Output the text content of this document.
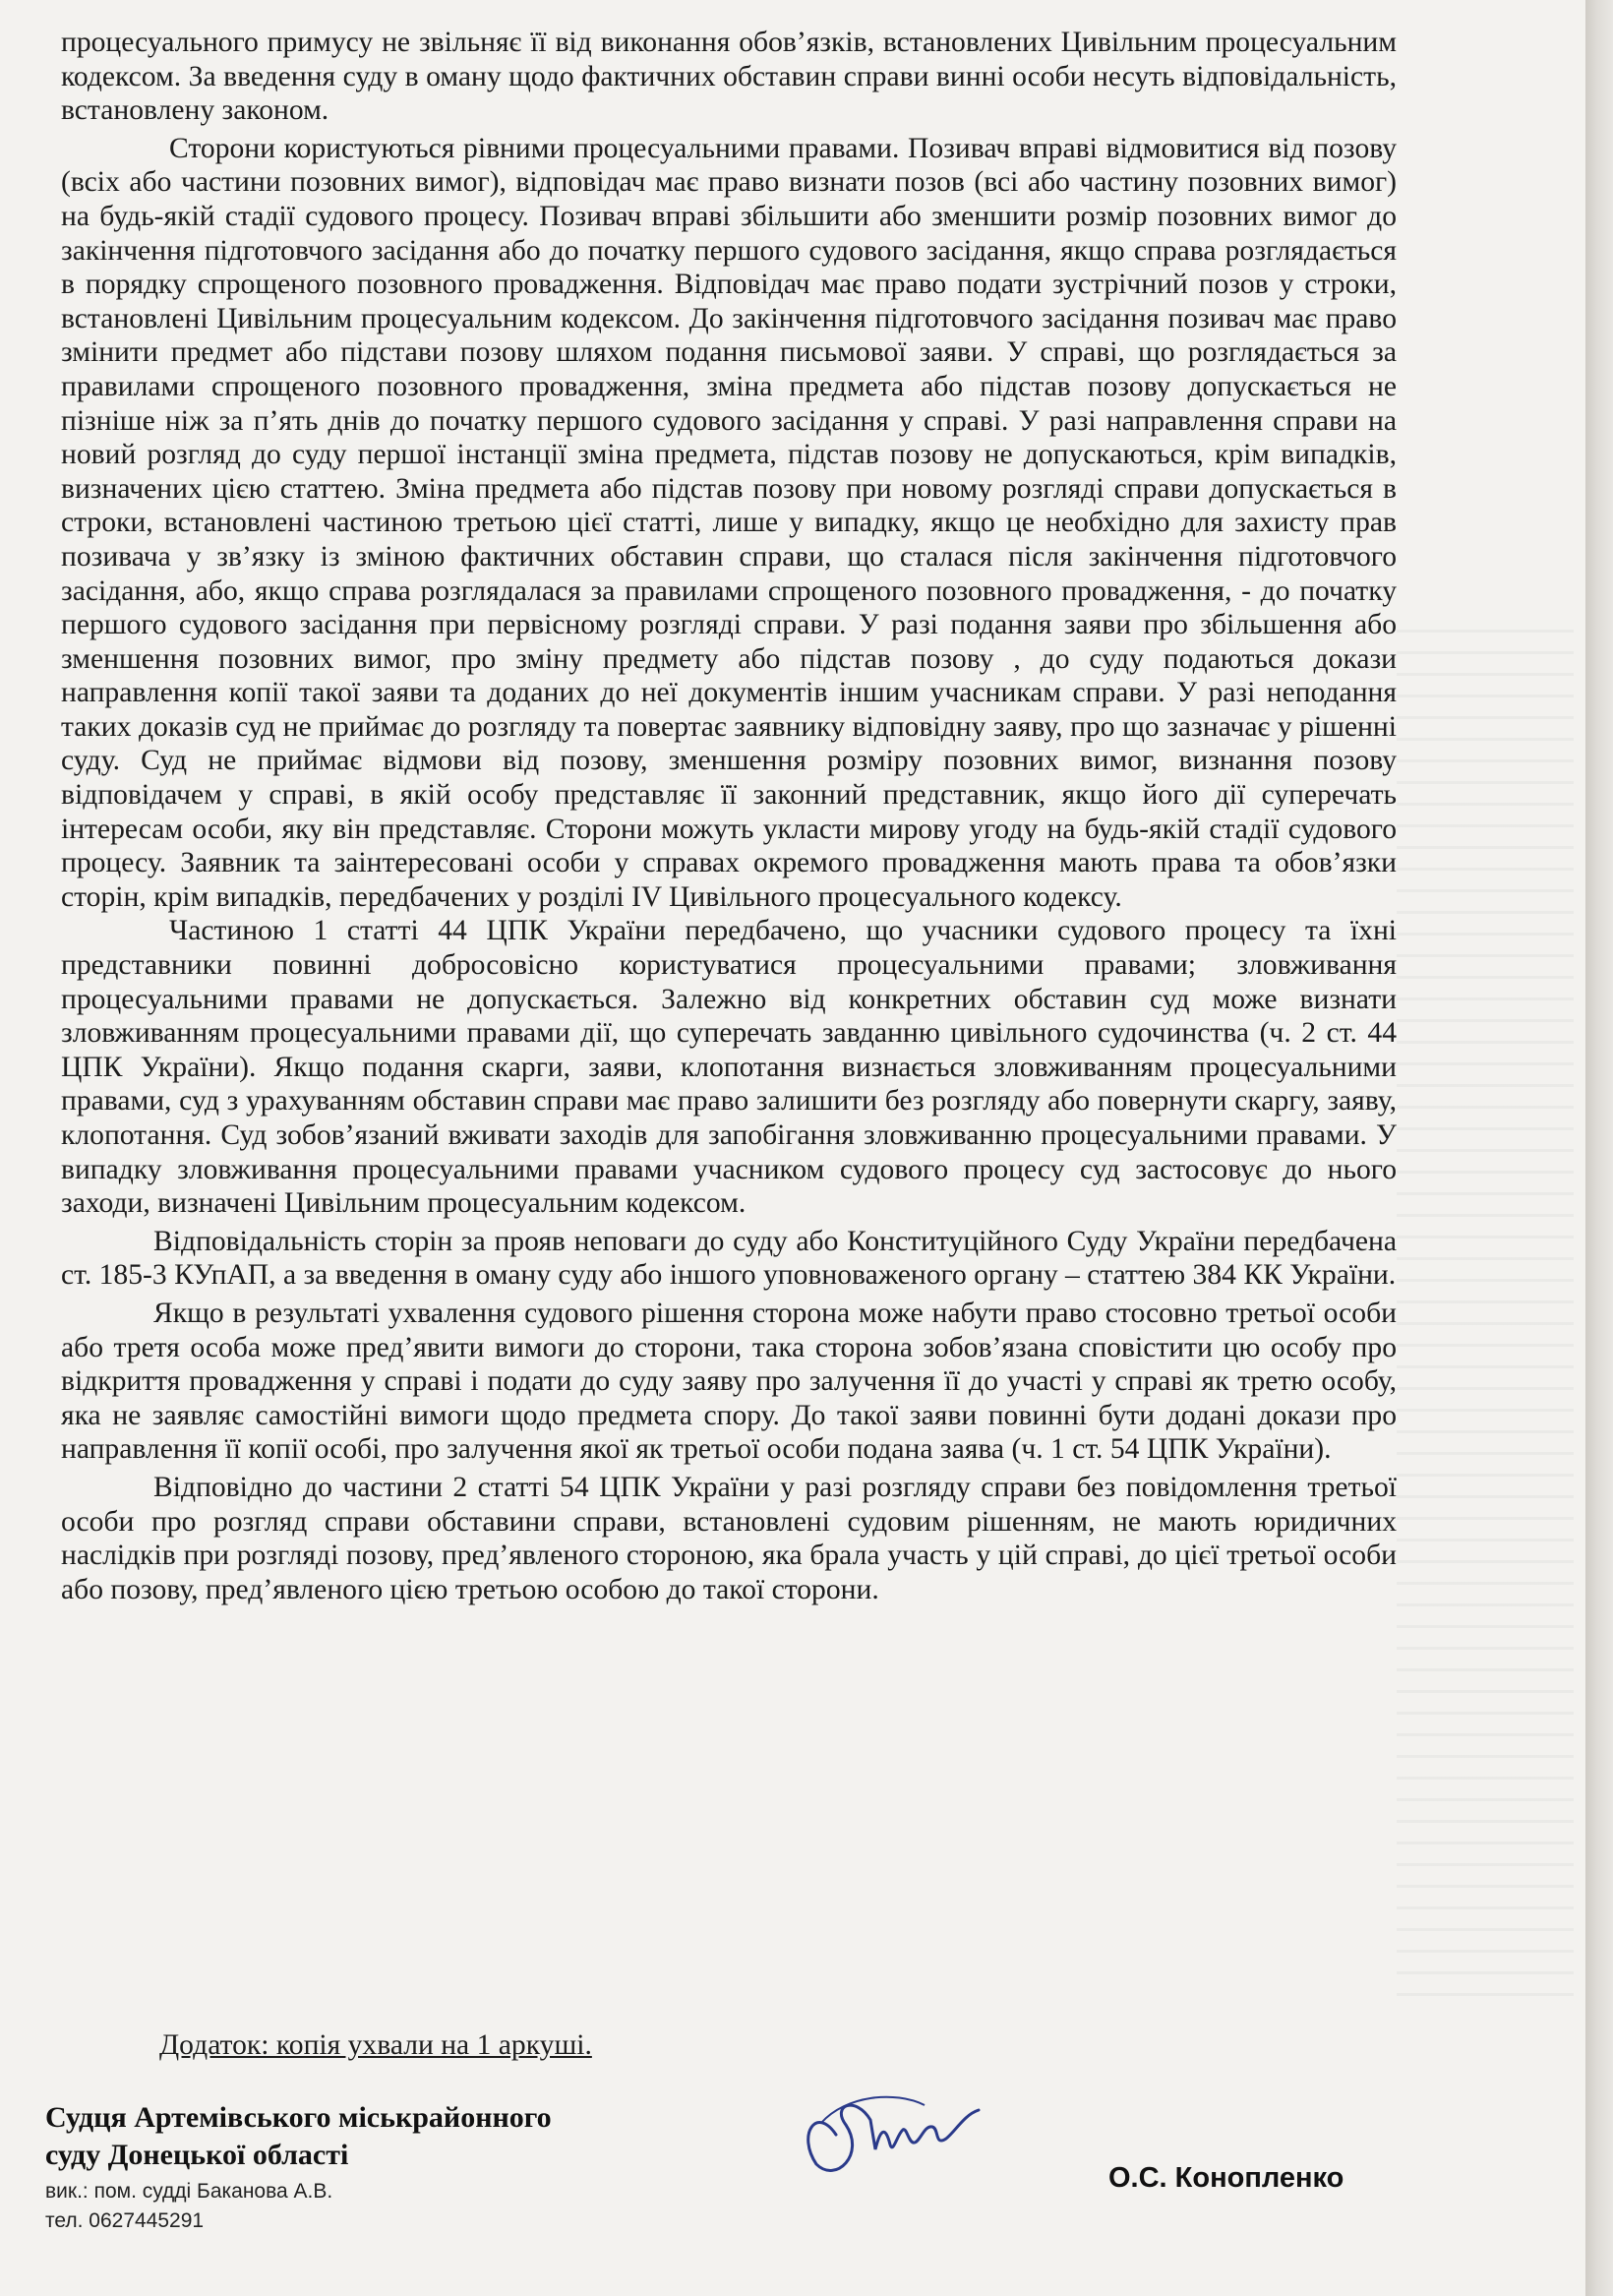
процесуального примусу не звільняє її від виконання обов’язків, встановлених Цивільним процесуальним кодексом. За введення суду в оману щодо фактичних обставин справи винні особи несуть відповідальність, встановлену законом.

Сторони користуються рівними процесуальними правами. Позивач вправі відмовитися від позову (всіх або частини позовних вимог), відповідач має право визнати позов (всі або частину позовних вимог) на будь-якій стадії судового процесу. Позивач вправі збільшити або зменшити розмір позовних вимог до закінчення підготовчого засідання або до початку першого судового засідання, якщо справа розглядається в порядку спрощеного позовного провадження. Відповідач має право подати зустрічний позов у строки, встановлені Цивільним процесуальним кодексом. До закінчення підготовчого засідання позивач має право змінити предмет або підстави позову шляхом подання письмової заяви. У справі, що розглядається за правилами спрощеного позовного провадження, зміна предмета або підстав позову допускається не пізніше ніж за п’ять днів до початку першого судового засідання у справі. У разі направлення справи на новий розгляд до суду першої інстанції зміна предмета, підстав позову не допускаються, крім випадків, визначених цією статтею. Зміна предмета або підстав позову при новому розгляді справи допускається в строки, встановлені частиною третьою цієї статті, лише у випадку, якщо це необхідно для захисту прав позивача у зв’язку із зміною фактичних обставин справи, що сталася після закінчення підготовчого засідання, або, якщо справа розглядалася за правилами спрощеного позовного провадження, - до початку першого судового засідання при первісному розгляді справи. У разі подання заяви про збільшення або зменшення позовних вимог, про зміну предмету або підстав позову , до суду подаються докази направлення копії такої заяви та доданих до неї документів іншим учасникам справи. У разі неподання таких доказів суд не приймає до розгляду та повертає заявнику відповідну заяву, про що зазначає у рішенні суду. Суд не приймає відмови від позову, зменшення розміру позовних вимог, визнання позову відповідачем у справі, в якій особу представляє її законний представник, якщо його дії суперечать інтересам особи, яку він представляє. Сторони можуть укласти мирову угоду на будь-якій стадії судового процесу. Заявник та заінтересовані особи у справах окремого провадження мають права та обов’язки сторін, крім випадків, передбачених у розділі IV Цивільного процесуального кодексу.

Частиною 1 статті 44 ЦПК України передбачено, що учасники судового процесу та їхні представники повинні добросовісно користуватися процесуальними правами; зловживання процесуальними правами не допускається. Залежно від конкретних обставин суд може визнати зловживанням процесуальними правами дії, що суперечать завданню цивільного судочинства (ч. 2 ст. 44 ЦПК України). Якщо подання скарги, заяви, клопотання визнається зловживанням процесуальними правами, суд з урахуванням обставин справи має право залишити без розгляду або повернути скаргу, заяву, клопотання. Суд зобов’язаний вживати заходів для запобігання зловживанню процесуальними правами. У випадку зловживання процесуальними правами учасником судового процесу суд застосовує до нього заходи, визначені Цивільним процесуальним кодексом.

Відповідальність сторін за прояв неповаги до суду або Конституційного Суду України передбачена ст. 185-3 КУпАП, а за введення в оману суду або іншого уповноваженого органу – статтею 384 КК України.

Якщо в результаті ухвалення судового рішення сторона може набути право стосовно третьої особи або третя особа може пред’явити вимоги до сторони, така сторона зобов’язана сповістити цю особу про відкриття провадження у справі і подати до суду заяву про залучення її до участі у справі як третю особу, яка не заявляє самостійні вимоги щодо предмета спору. До такої заяви повинні бути додані докази про направлення її копії особі, про залучення якої як третьої особи подана заява (ч. 1 ст. 54 ЦПК України).

Відповідно до частини 2 статті 54 ЦПК України у разі розгляду справи без повідомлення третьої особи про розгляд справи обставини справи, встановлені судовим рішенням, не мають юридичних наслідків при розгляді позову, пред’явленого стороною, яка брала участь у цій справі, до цієї третьої особи або позову, пред’явленого цією третьою особою до такої сторони.

Додаток: копія ухвали на 1 аркуші.
Судця Артемівського міськрайонного
суду Донецької області
вик.: пом. судді Баканова А.В.
тел. 0627445291
О.С. Конопленко
